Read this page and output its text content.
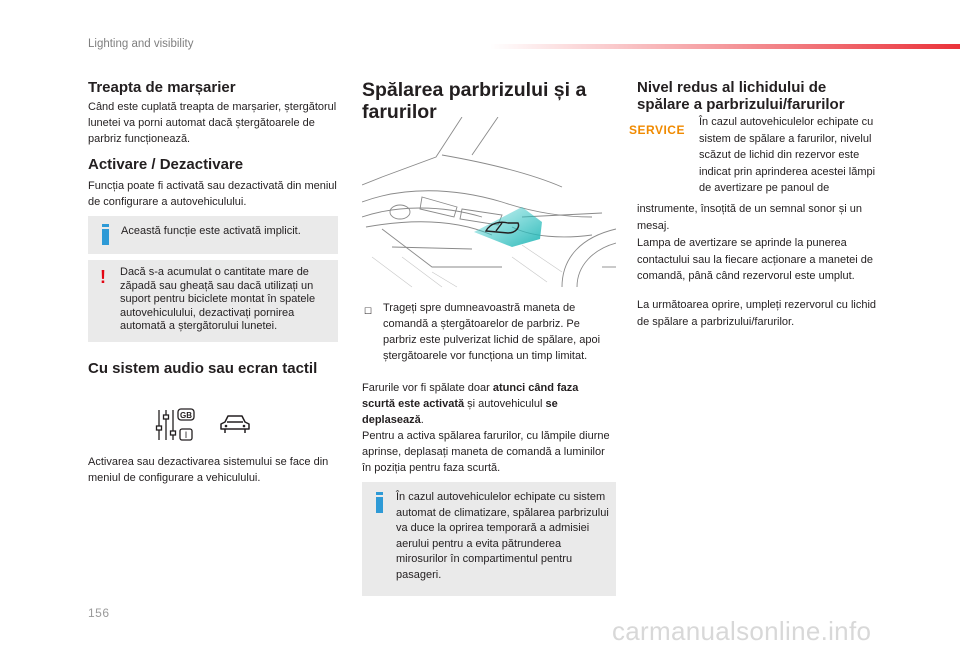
Lighting and visibility
Treapta de marșarier

Când este cuplată treapta de marșarier, ștergătorul lunetei va porni automat dacă ștergătoarele de parbriz funcționează.

Activare / Dezactivare

Funcția poate fi activată sau dezactivată din meniul de configurare a autovehiculului.

Această funcție este activată implicit.
! Dacă s-a acumulat o cantitate mare de zăpadă sau gheață sau dacă utilizați un suport pentru biciclete montat în spatele autovehiculului, dezactivați pornirea automată a ștergătorului lunetei.
Cu sistem audio sau ecran tactil
GB
I

Activarea sau dezactivarea sistemului se face din meniul de configurare a vehiculului.

Spălarea parbrizului și a farurilor
☐ Trageți spre dumneavoastră maneta de comandă a ștergătoarelor de parbriz. Pe parbriz este pulverizat lichid de spălare, apoi ștergătoarele vor funcționa un timp limitat.

Farurile vor fi spălate doar atunci când faza scurtă este activată și autovehiculul se deplasează.

Pentru a activa spălarea farurilor, cu lămpile diurne aprinse, deplasați maneta de comandă a luminilor în poziția pentru faza scurtă.

În cazul autovehiculelor echipate cu sistem automat de climatizare, spălarea parbrizului va duce la oprirea temporară a admisiei aerului pentru a evita pătrunderea mirosurilor în compartimentul pentru pasageri.
Nivel redus al lichidului de spălare a parbrizului/farurilor
SERVICE

În cazul autovehiculelor echipate cu sistem de spălare a farurilor, nivelul scăzut de lichid din rezervor este indicat prin aprinderea acestei lămpi de avertizare pe panoul de

instrumente, însoțită de un semnal sonor și un mesaj.

Lampa de avertizare se aprinde la punerea contactului sau la fiecare acționare a manetei de comandă, până când rezervorul este umplut.

La următoarea oprire, umpleți rezervorul cu lichid de spălare a parbrizului/farurilor.

156
carmanualsonline.info
